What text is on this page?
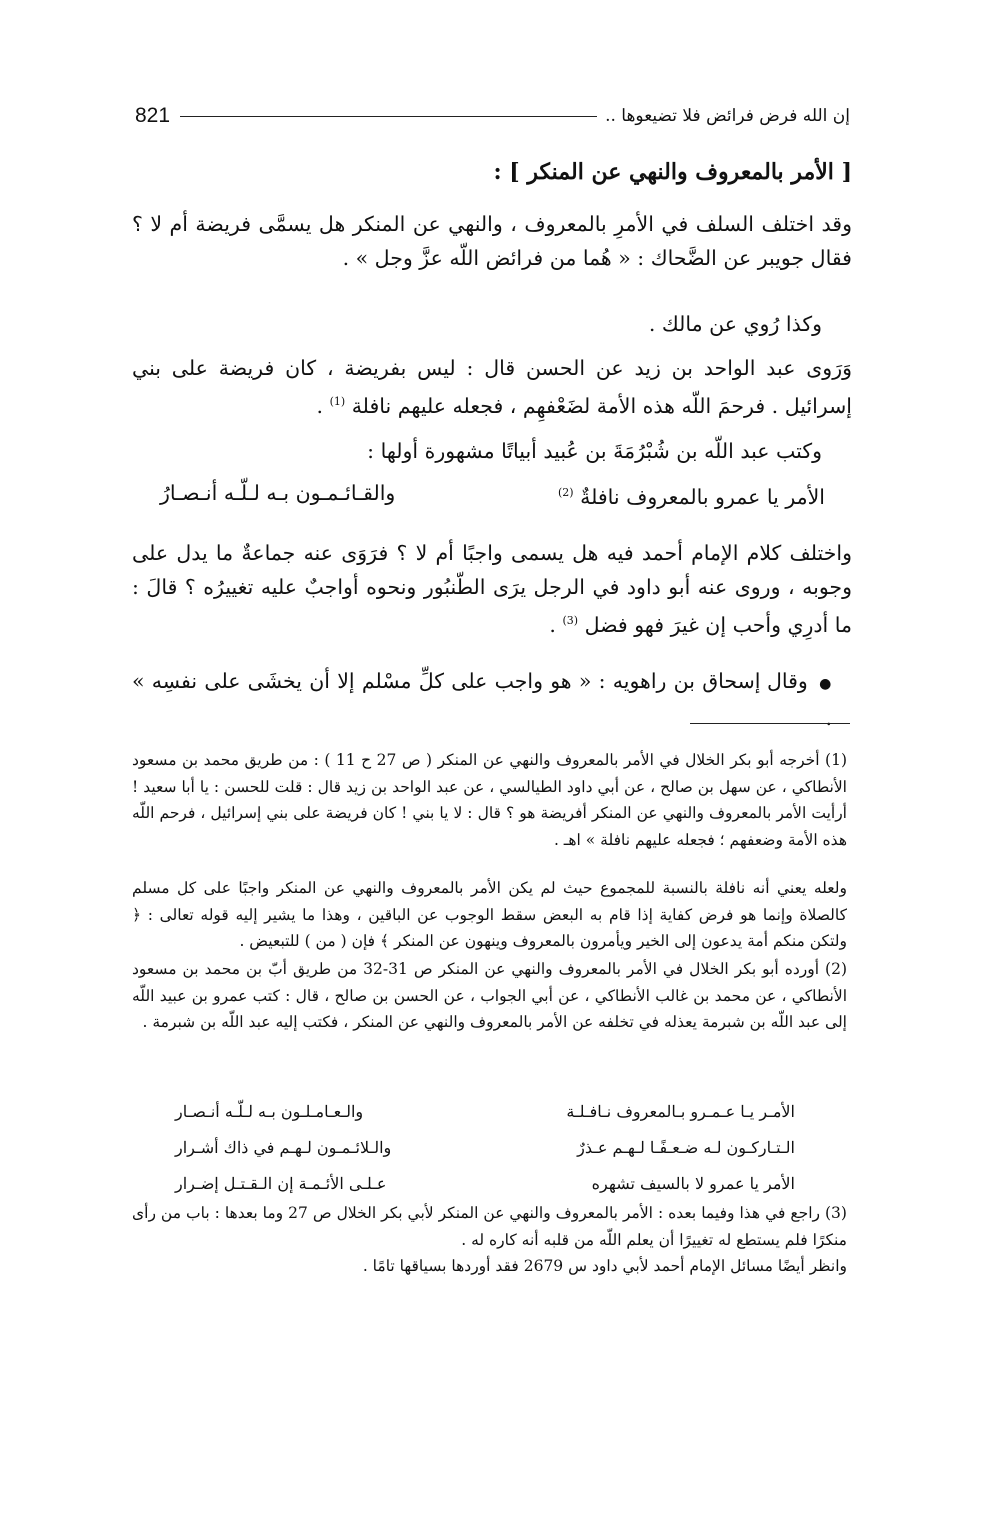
821	إن الله فرض فرائض فلا تضيعوها ..
[ الأمر بالمعروف والنهي عن المنكر ] :
وقد اختلف السلف في الأمرِ بالمعروف ، والنهي عن المنكر هل يسمَّى فريضة أم لا ؟ فقال جويبر عن الضَّحاك : « هُما من فرائض اللّه عزَّ وجل » .
وكذا رُوي عن مالك .
وَرَوى عبد الواحد بن زيد عن الحسن قال : ليس بفريضة ، كان فريضة على بني إسرائيل . فرحمَ اللّه هذه الأمة لضَعْفهِم ، فجعله عليهم نافلة $^{(1)}$ .
وكتب عبد اللّه بن شُبْرُمَةَ بن عُبيد أبياتًا مشهورة أولها :
الأمر يا عمرو بالمعروف نافلةٌ $^{(2)}$
والقـائـمـون بـه لـلّـه أنـصـارُ
واختلف كلام الإمام أحمد فيه هل يسمى واجبًا أم لا ؟ فرَوَى عنه جماعةٌ ما يدل على وجوبه ، وروى عنه أبو داود في الرجل يرَى الطّنبُور ونحوه أواجبٌ عليه تغييرُه ؟ قالَ : ما أدرِي وأحب إن غيرَ فهو فضل $^{(3)}$ .
● وقال إسحاق بن راهويه : « هو واجب على كلِّ مسْلم إلا أن يخشَى على نفسِه » .
(1) أخرجه أبو بكر الخلال في الأمر بالمعروف والنهي عن المنكر ( ص 27 ح 11 ) : من طريق محمد بن مسعود الأنطاكي ، عن سهل بن صالح ، عن أبي داود الطيالسي ، عن عبد الواحد بن زيد قال : قلت للحسن : يا أبا سعيد ! أرأيت الأمر بالمعروف والنهي عن المنكر أفريضة هو ؟ قال : لا يا بني ! كان فريضة على بني إسرائيل ، فرحم اللّه هذه الأمة وضعفهم ؛ فجعله عليهم نافلة » اهـ .
ولعله يعني أنه نافلة بالنسبة للمجموع حيث لم يكن الأمر بالمعروف والنهي عن المنكر واجبًا على كل مسلم كالصلاة وإنما هو فرض كفاية إذا قام به البعض سقط الوجوب عن الباقين ، وهذا ما يشير إليه قوله تعالى : ﴿ ولتكن منكم أمة يدعون إلى الخير ويأمرون بالمعروف وينهون عن المنكر ﴾ فإن ( من ) للتبعيض .
(2) أورده أبو بكر الخلال في الأمر بالمعروف والنهي عن المنكر ص 31-32 من طريق أبّ بن محمد بن مسعود الأنطاكي ، عن محمد بن غالب الأنطاكي ، عن أبي الجواب ، عن الحسن بن صالح ، قال : كتب عمرو بن عبيد اللّه إلى عبد اللّه بن شبرمة يعذله في تخلفه عن الأمر بالمعروف والنهي عن المنكر ، فكتب إليه عبد اللّه بن شبرمة .
الأمـر يـا عـمـرو بـالمعروف نـافـلـة
والـعـامـلـون بـه لـلّـه أنـصـار
الـتـاركـون لـه ضـعـفًـا لـهـم عـذرٌ
والـلائـمـون لـهـم في ذاك أشـرار
الأمر يا عمرو لا بالسيف تشهره
عـلـى الأئـمـة إن الـقـتـل إضـرار
(3) راجع في هذا وفيما بعده : الأمر بالمعروف والنهي عن المنكر لأبي بكر الخلال ص 27 وما بعدها : باب من رأى منكرًا فلم يستطع له تغييرًا أن يعلم اللّه من قلبه أنه كاره له .
وانظر أيضًا مسائل الإمام أحمد لأبي داود س 2679 فقد أوردها بسياقها تامًا .
